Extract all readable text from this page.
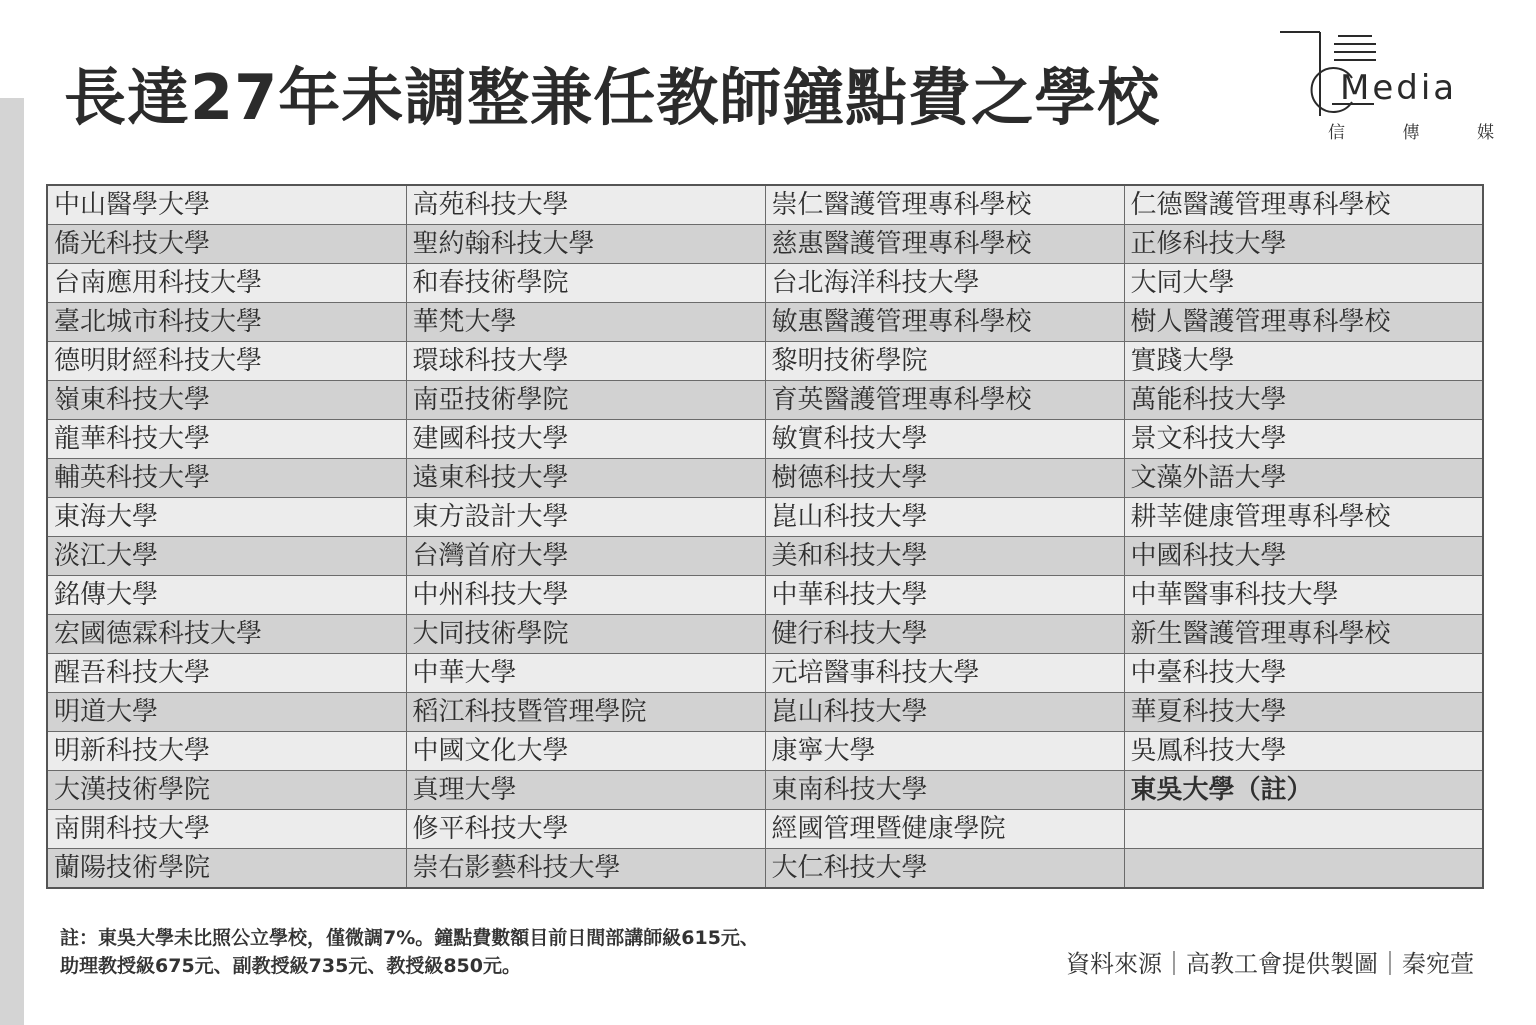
長達27年未調整兼任教師鐘點費之學校	Media
信	傳	媒
中山醫學大學	高苑科技大學	崇仁醫護管理專科學校	仁德醫護管理專科學校
僑光科技大學	聖約翰科技大學	慈惠醫護管理專科學校	正修科技大學
台南應用科技大學	和春技術學院	台北海洋科技大學	大同大學
臺北城市科技大學	華梵大學	敏惠醫護管理專科學校	樹人醫護管理專科學校
德明財經科技大學	環球科技大學	黎明技術學院	實踐大學
嶺東科技大學	南亞技術學院	育英醫護管理專科學校	萬能科技大學
龍華科技大學	建國科技大學	敏實科技大學	景文科技大學
輔英科技大學	遠東科技大學	樹德科技大學	文藻外語大學
東海大學	東方設計大學	崑山科技大學	耕莘健康管理專科學校
淡江大學	台灣首府大學	美和科技大學	中國科技大學
銘傳大學	中州科技大學	中華科技大學	中華醫事科技大學
宏國德霖科技大學	大同技術學院	健行科技大學	新生醫護管理專科學校
醒吾科技大學	中華大學	元培醫事科技大學	中臺科技大學
明道大學	稻江科技暨管理學院	崑山科技大學	華夏科技大學
明新科技大學	中國文化大學	康寧大學	吳鳳科技大學
大漢技術學院	真理大學	東南科技大學	東吳大學（註）
南開科技大學	修平科技大學	經國管理暨健康學院	
蘭陽技術學院	崇右影藝科技大學	大仁科技大學	
註：東吳大學未比照公立學校，僅微調7%。鐘點費數額目前日間部講師級615元、
助理教授級675元、副教授級735元、教授級850元。	資料來源｜高教工會提供製圖｜秦宛萱
